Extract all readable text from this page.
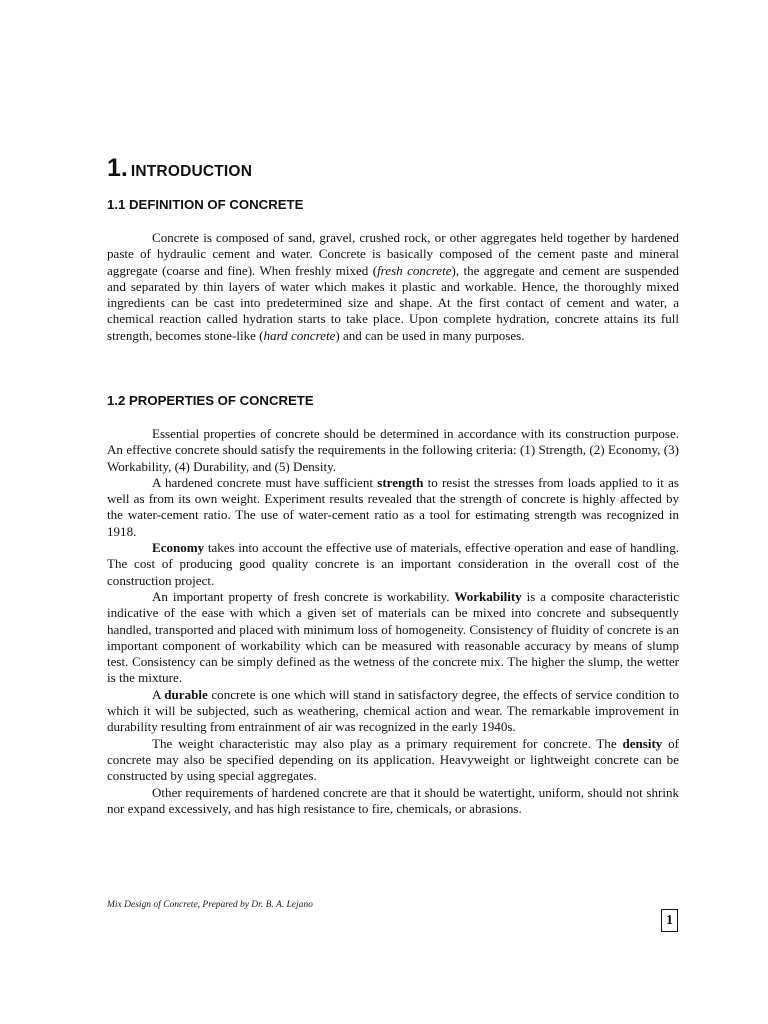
1. INTRODUCTION
1.1 DEFINITION OF CONCRETE

Concrete is composed of sand, gravel, crushed rock, or other aggregates held together by hardened paste of hydraulic cement and water. Concrete is basically composed of the cement paste and mineral aggregate (coarse and fine). When freshly mixed (fresh concrete), the aggregate and cement are suspended and separated by thin layers of water which makes it plastic and workable. Hence, the thoroughly mixed ingredients can be cast into predetermined size and shape. At the first contact of cement and water, a chemical reaction called hydration starts to take place. Upon complete hydration, concrete attains its full strength, becomes stone-like (hard concrete) and can be used in many purposes.

1.2 PROPERTIES OF CONCRETE

Essential properties of concrete should be determined in accordance with its construction purpose. An effective concrete should satisfy the requirements in the following criteria: (1) Strength, (2) Economy, (3) Workability, (4) Durability, and (5) Density.

A hardened concrete must have sufficient strength to resist the stresses from loads applied to it as well as from its own weight. Experiment results revealed that the strength of concrete is highly affected by the water-cement ratio. The use of water-cement ratio as a tool for estimating strength was recognized in 1918.

Economy takes into account the effective use of materials, effective operation and ease of handling. The cost of producing good quality concrete is an important consideration in the overall cost of the construction project.

An important property of fresh concrete is workability. Workability is a composite characteristic indicative of the ease with which a given set of materials can be mixed into concrete and subsequently handled, transported and placed with minimum loss of homogeneity. Consistency of fluidity of concrete is an important component of workability which can be measured with reasonable accuracy by means of slump test. Consistency can be simply defined as the wetness of the concrete mix. The higher the slump, the wetter is the mixture.

A durable concrete is one which will stand in satisfactory degree, the effects of service condition to which it will be subjected, such as weathering, chemical action and wear. The remarkable improvement in durability resulting from entrainment of air was recognized in the early 1940s.

The weight characteristic may also play as a primary requirement for concrete. The density of concrete may also be specified depending on its application. Heavyweight or lightweight concrete can be constructed by using special aggregates.

Other requirements of hardened concrete are that it should be watertight, uniform, should not shrink nor expand excessively, and has high resistance to fire, chemicals, or abrasions.

Mix Design of Concrete, Prepared by Dr. B. A. Lejano
1
